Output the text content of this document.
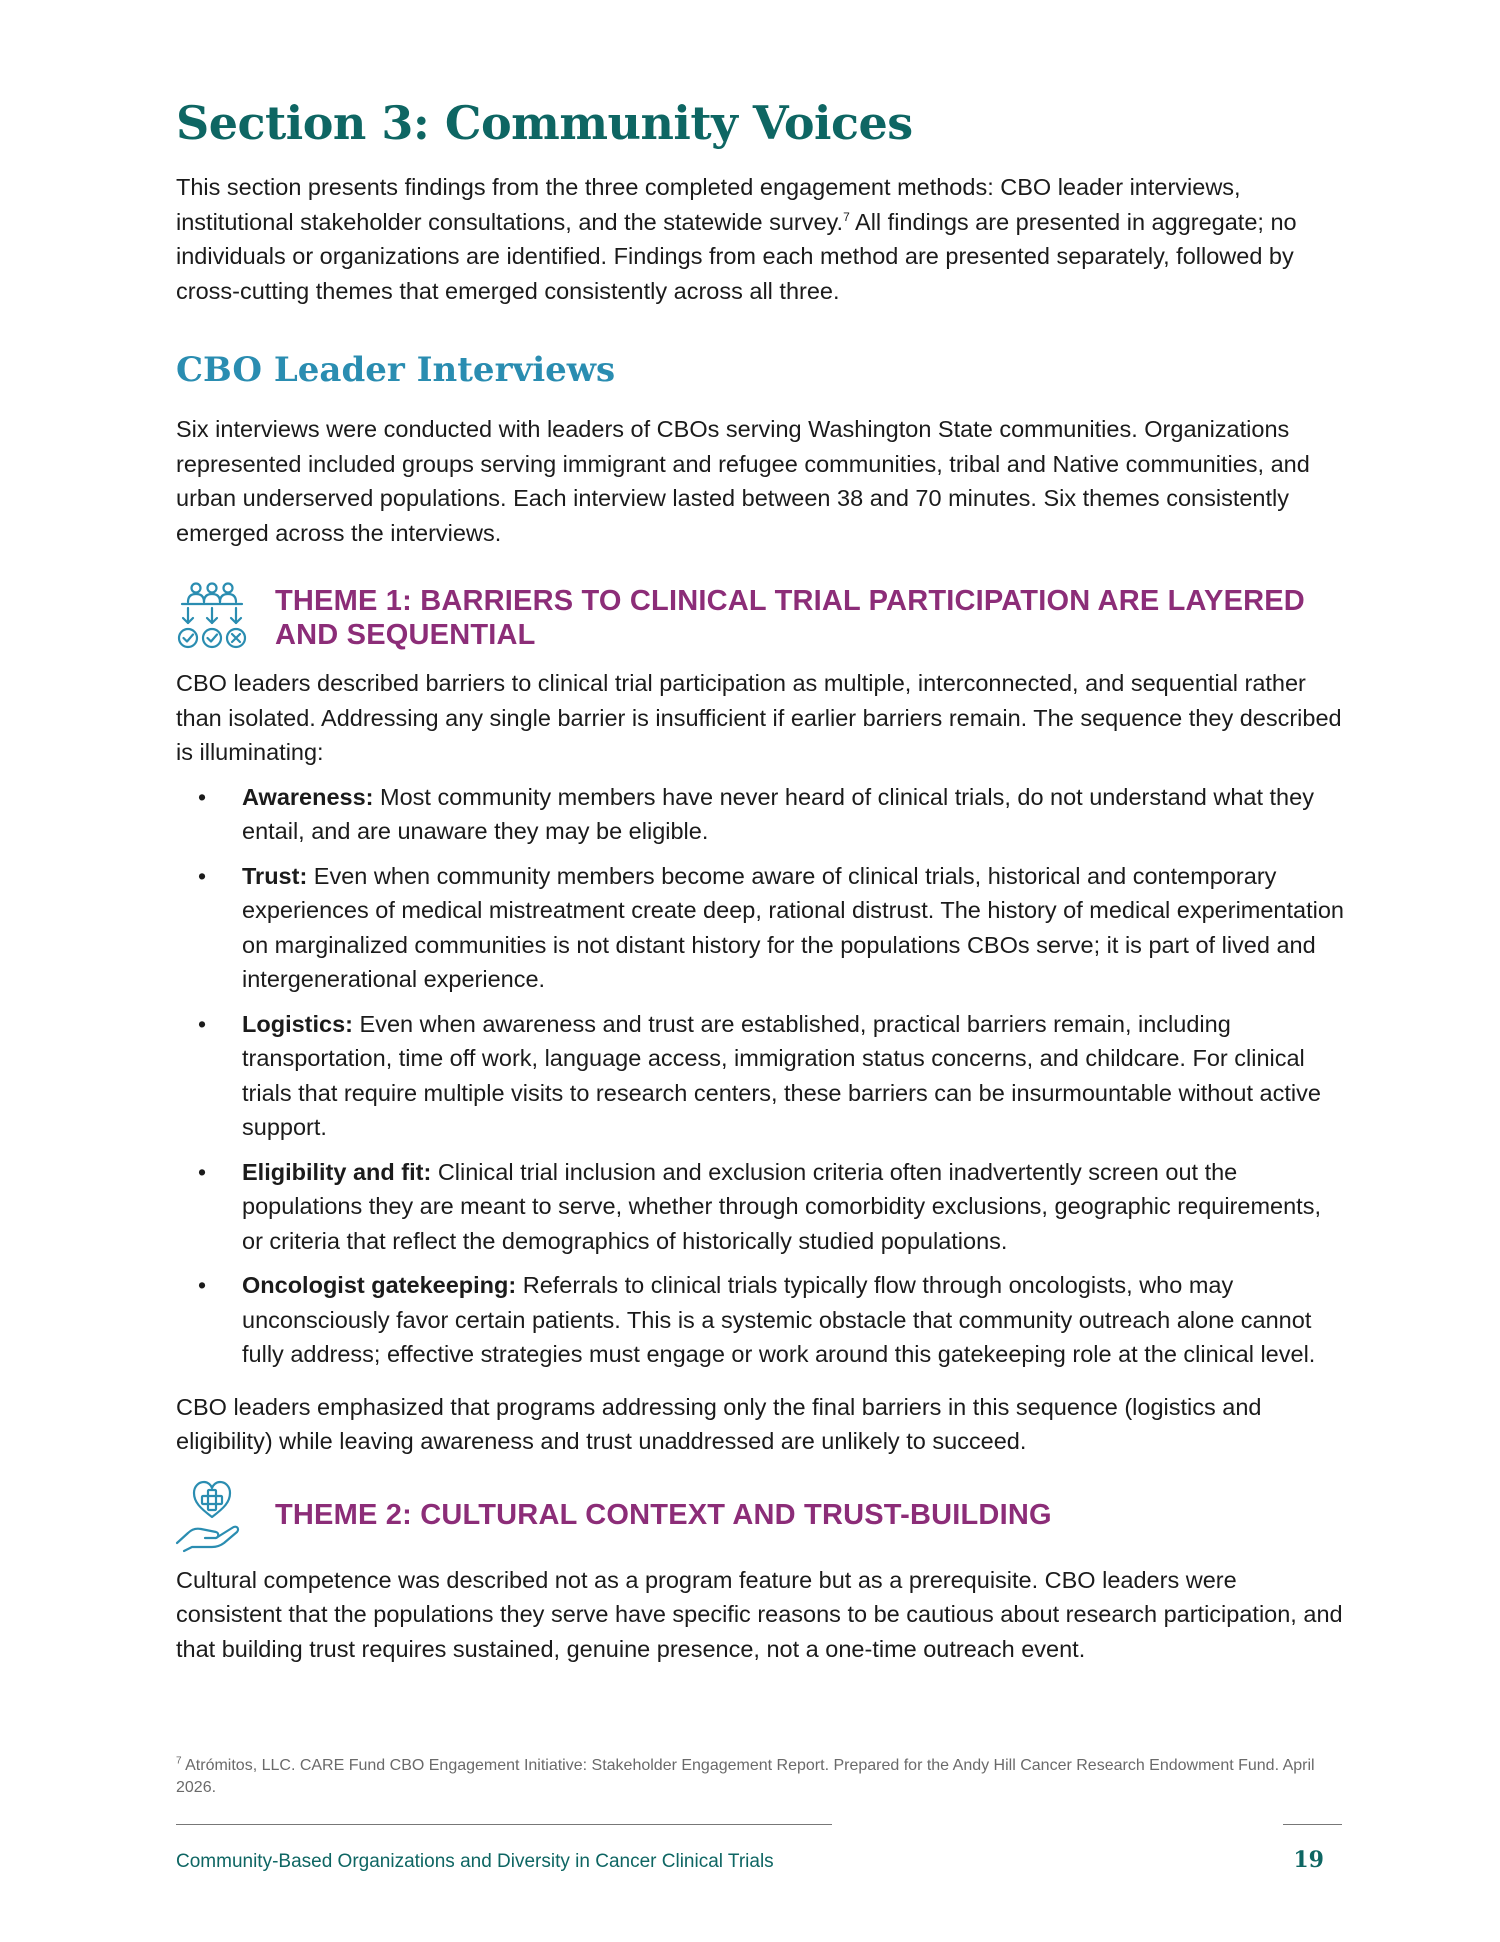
Section 3: Community Voices

This section presents findings from the three completed engagement methods: CBO leader interviews, institutional stakeholder consultations, and the statewide survey.$^7$ All findings are presented in aggregate; no individuals or organizations are identified. Findings from each method are presented separately, followed by cross-cutting themes that emerged consistently across all three.

CBO Leader Interviews

Six interviews were conducted with leaders of CBOs serving Washington State communities. Organizations represented included groups serving immigrant and refugee communities, tribal and Native communities, and urban underserved populations. Each interview lasted between 38 and 70 minutes. Six themes consistently emerged across the interviews.

THEME 1: BARRIERS TO CLINICAL TRIAL PARTICIPATION ARE LAYERED
AND SEQUENTIAL

CBO leaders described barriers to clinical trial participation as multiple, interconnected, and sequential rather than isolated. Addressing any single barrier is insufficient if earlier barriers remain. The sequence they described is illuminating:

• Awareness: Most community members have never heard of clinical trials, do not understand what they entail, and are unaware they may be eligible.
• Trust: Even when community members become aware of clinical trials, historical and contemporary experiences of medical mistreatment create deep, rational distrust. The history of medical experimentation on marginalized communities is not distant history for the populations CBOs serve; it is part of lived and intergenerational experience.
• Logistics: Even when awareness and trust are established, practical barriers remain, including transportation, time off work, language access, immigration status concerns, and childcare. For clinical trials that require multiple visits to research centers, these barriers can be insurmountable without active support.
• Eligibility and fit: Clinical trial inclusion and exclusion criteria often inadvertently screen out the populations they are meant to serve, whether through comorbidity exclusions, geographic requirements, or criteria that reflect the demographics of historically studied populations.
• Oncologist gatekeeping: Referrals to clinical trials typically flow through oncologists, who may unconsciously favor certain patients. This is a systemic obstacle that community outreach alone cannot fully address; effective strategies must engage or work around this gatekeeping role at the clinical level.

CBO leaders emphasized that programs addressing only the final barriers in this sequence (logistics and eligibility) while leaving awareness and trust unaddressed are unlikely to succeed.

THEME 2: CULTURAL CONTEXT AND TRUST-BUILDING

Cultural competence was described not as a program feature but as a prerequisite. CBO leaders were consistent that the populations they serve have specific reasons to be cautious about research participation, and that building trust requires sustained, genuine presence, not a one-time outreach event.

$^7$ Atrómitos, LLC. CARE Fund CBO Engagement Initiative: Stakeholder Engagement Report. Prepared for the Andy Hill Cancer Research Endowment Fund. April 2026.
Community-Based Organizations and Diversity in Cancer Clinical Trials	19
